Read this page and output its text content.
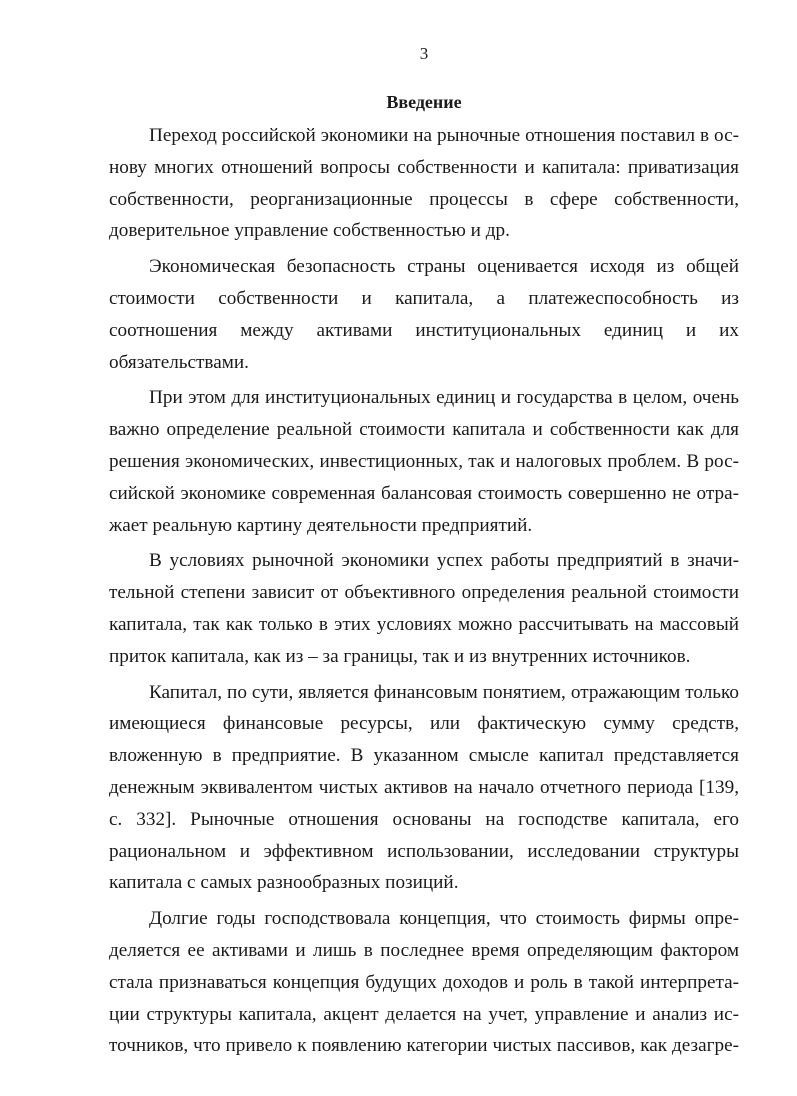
3
Введение

Переход российской экономики на рыночные отношения поставил в основу многих отношений вопросы собственности и капитала: приватизация собственности, реорганизационные процессы в сфере собственности, доверительное управление собственностью и др.

Экономическая безопасность страны оценивается исходя из общей стоимости собственности и капитала, а платежеспособность из соотношения между активами институциональных единиц и их обязательствами.

При этом для институциональных единиц и государства в целом, очень важно определение реальной стоимости капитала и собственности как для решения экономических, инвестиционных, так и налоговых проблем. В российской экономике современная балансовая стоимость совершенно не отражает реальную картину деятельности предприятий.

В условиях рыночной экономики успех работы предприятий в значительной степени зависит от объективного определения реальной стоимости капитала, так как только в этих условиях можно рассчитывать на массовый приток капитала, как из – за границы, так и из внутренних источников.

Капитал, по сути, является финансовым понятием, отражающим только имеющиеся финансовые ресурсы, или фактическую сумму средств, вложенную в предприятие. В указанном смысле капитал представляется денежным эквивалентом чистых активов на начало отчетного периода [139, с. 332]. Рыночные отношения основаны на господстве капитала, его рациональном и эффективном использовании, исследовании структуры капитала с самых разнообразных позиций.

Долгие годы господствовала концепция, что стоимость фирмы определяется ее активами и лишь в последнее время определяющим фактором стала признаваться концепция будущих доходов и роль в такой интерпретации структуры капитала, акцент делается на учет, управление и анализ источников, что привело к появлению категории чистых пассивов, как дезагре-
